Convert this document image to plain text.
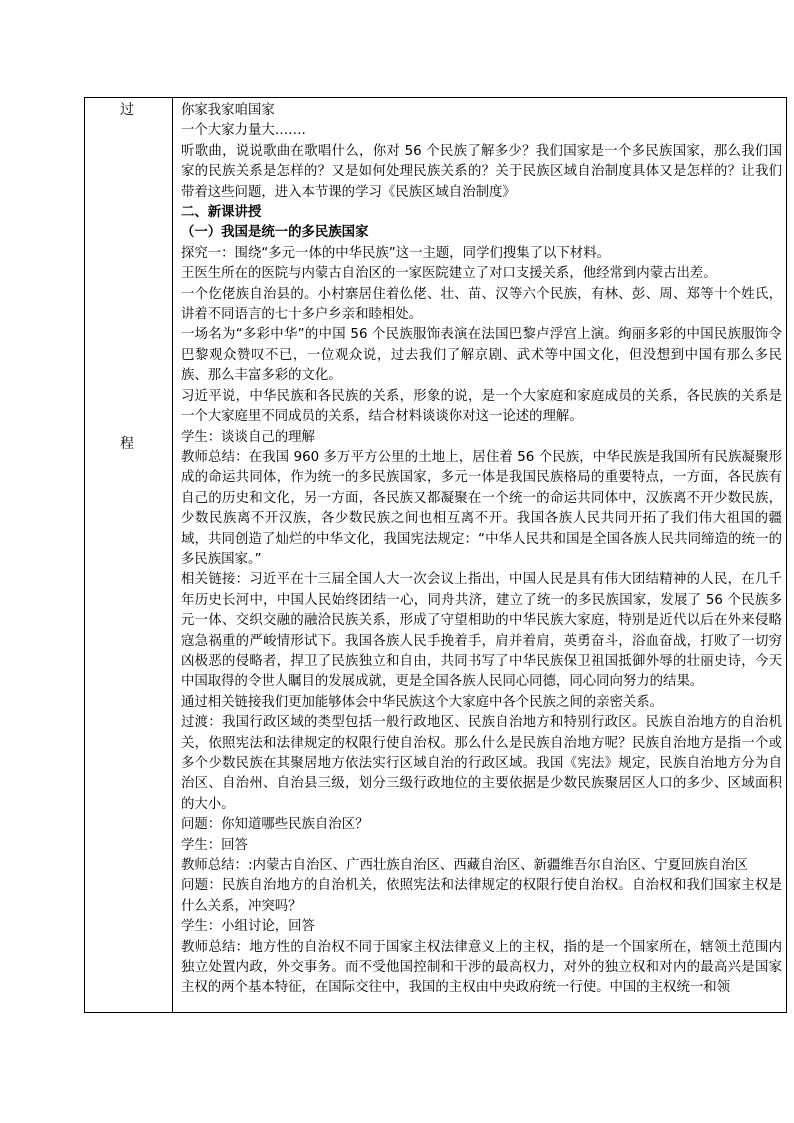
过
程

你家我家咱国家

一个大家力量大…….

听歌曲，说说歌曲在歌唱什么，你对 56 个民族了解多少？我们国家是一个多民族国家，那么我们国家的民族关系是怎样的？又是如何处理民族关系的？关于民族区域自治制度具体又是怎样的？让我们带着这些问题，进入本节课的学习《民族区域自治制度》

二、新课讲授

（一）我国是统一的多民族国家

探究一：围绕“多元一体的中华民族”这一主题，同学们搜集了以下材料。

王医生所在的医院与内蒙古自治区的一家医院建立了对口支援关系，他经常到内蒙古出差。

一个仡佬族自治县的。小村寨居住着仫佬、壮、苗、汉等六个民族，有林、彭、周、郑等十个姓氏，讲着不同语言的七十多户乡亲和睦相处。

一场名为“多彩中华”的中国 56 个民族服饰表演在法国巴黎卢浮宫上演。绚丽多彩的中国民族服饰令巴黎观众赞叹不已，一位观众说，过去我们了解京剧、武术等中国文化，但没想到中国有那么多民族、那么丰富多彩的文化。

习近平说，中华民族和各民族的关系，形象的说，是一个大家庭和家庭成员的关系，各民族的关系是一个大家庭里不同成员的关系，结合材料谈谈你对这一论述的理解。

学生：谈谈自己的理解

教师总结：在我国 960 多万平方公里的土地上，居住着 56 个民族，中华民族是我国所有民族凝聚形成的命运共同体，作为统一的多民族国家，多元一体是我国民族格局的重要特点，一方面，各民族有自己的历史和文化，另一方面，各民族又都凝聚在一个统一的命运共同体中，汉族离不开少数民族，少数民族离不开汉族，各少数民族之间也相互离不开。我国各族人民共同开拓了我们伟大祖国的疆域，共同创造了灿烂的中华文化，我国宪法规定：“中华人民共和国是全国各族人民共同缔造的统一的多民族国家。”

相关链接：习近平在十三届全国人大一次会议上指出，中国人民是具有伟大团结精神的人民，在几千年历史长河中，中国人民始终团结一心，同舟共济，建立了统一的多民族国家，发展了 56 个民族多元一体、交织交融的融洽民族关系，形成了守望相助的中华民族大家庭，特别是近代以后在外来侵略寇急祸重的严峻情形试下。我国各族人民手挽着手，肩并着肩，英勇奋斗，浴血奋战，打败了一切穷凶极恶的侵略者，捍卫了民族独立和自由，共同书写了中华民族保卫祖国抵御外辱的壮丽史诗，今天中国取得的令世人瞩目的发展成就，更是全国各族人民同心同德，同心同向努力的结果。

通过相关链接我们更加能够体会中华民族这个大家庭中各个民族之间的亲密关系。

过渡：我国行政区域的类型包括一般行政地区、民族自治地方和特别行政区。民族自治地方的自治机关，依照宪法和法律规定的权限行使自治权。那么什么是民族自治地方呢？民族自治地方是指一个或多个少数民族在其聚居地方依法实行区域自治的行政区域。我国《宪法》规定，民族自治地方分为自治区、自治州、自治县三级，划分三级行政地位的主要依据是少数民族聚居区人口的多少、区域面积的大小。

问题：你知道哪些民族自治区？

学生：回答

教师总结：:内蒙古自治区、广西壮族自治区、西藏自治区、新疆维吾尔自治区、宁夏回族自治区

问题：民族自治地方的自治机关，依照宪法和法律规定的权限行使自治权。自治权和我们国家主权是什么关系，冲突吗？

学生：小组讨论，回答

教师总结：地方性的自治权不同于国家主权法律意义上的主权，指的是一个国家所在，辖领土范围内独立处置内政，外交事务。而不受他国控制和干涉的最高权力，对外的独立权和对内的最高兴是国家主权的两个基本特征，在国际交往中，我国的主权由中央政府统一行使。中国的主权统一和领
